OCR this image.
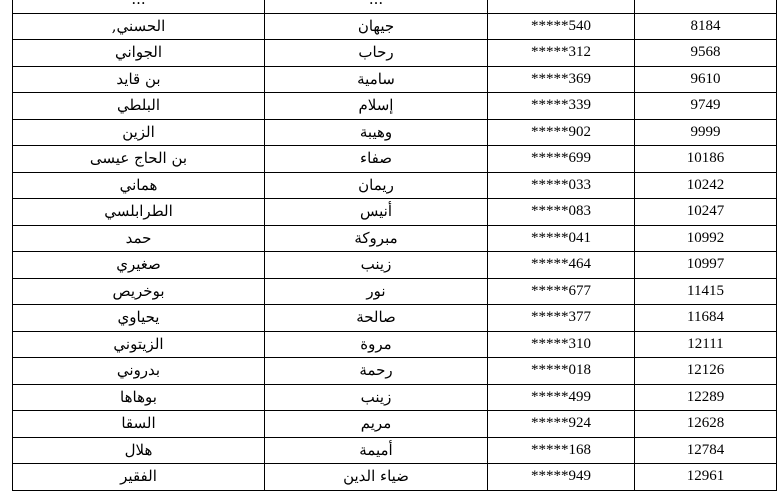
الحسني,	جيهان	*****540	8184
الجواني	رحاب	*****312	9568
بن قايد	سامية	*****369	9610
البلطي	إسلام	*****339	9749
الزين	وهيبة	*****902	9999
بن الحاج عيسى	صفاء	*****699	10186
هماني	ريمان	*****033	10242
الطرابلسي	أنيس	*****083	10247
حمد	مبروكة	*****041	10992
صغيري	زينب	*****464	10997
بوخريص	نور	*****677	11415
يحياوي	صالحة	*****377	11684
الزيتوني	مروة	*****310	12111
بدروني	رحمة	*****018	12126
بوهاها	زينب	*****499	12289
السقا	مريم	*****924	12628
هلال	أميمة	*****168	12784
الفقير	ضياء الدين	*****949	12961
